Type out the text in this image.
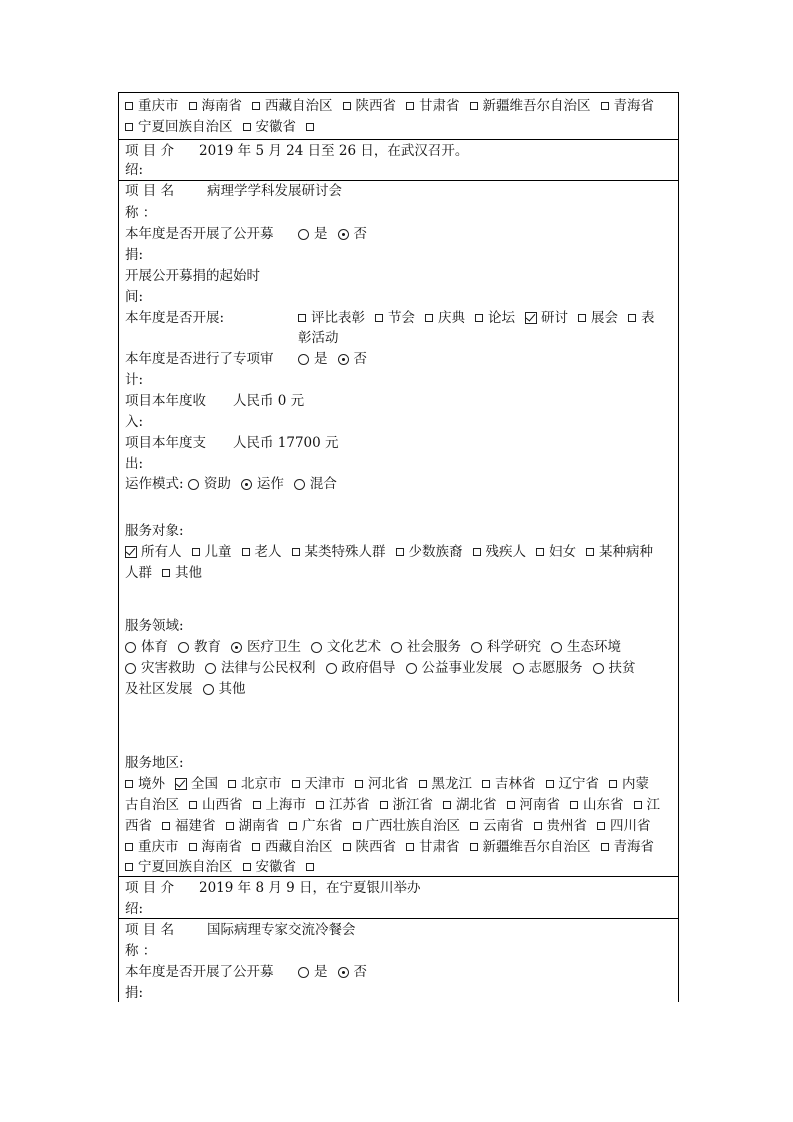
重庆市 海南省 西藏自治区 陕西省 甘肃省 新疆维吾尔自治区 青海省
宁夏回族自治区 安徽省
项 目 介 2019 年 5 月 24 日至 26 日，在武汉召开。
绍:
项 目 名 病理学学科发展研讨会
称 ：
本年度是否开展了公开募	是 否
捐:
开展公开募捐的起始时
间:
本年度是否开展:	评比表彰 节会 庆典 论坛 研讨 展会 表
彰活动
本年度是否进行了专项审	是 否
计:
项目本年度收 人民币 0 元
入:
项目本年度支 人民币 17700 元
出:
运作模式: 资助 运作 混合
服务对象:
所有人 儿童 老人 某类特殊人群 少数族裔 残疾人 妇女 某种病种
人群 其他
服务领域:
体育 教育 医疗卫生 文化艺术 社会服务 科学研究 生态环境
灾害救助 法律与公民权利 政府倡导 公益事业发展 志愿服务 扶贫
及社区发展 其他
服务地区:
境外 全国 北京市 天津市 河北省 黑龙江 吉林省 辽宁省 内蒙
古自治区 山西省 上海市 江苏省 浙江省 湖北省 河南省 山东省 江
西省 福建省 湖南省 广东省 广西壮族自治区 云南省 贵州省 四川省
重庆市 海南省 西藏自治区 陕西省 甘肃省 新疆维吾尔自治区 青海省
宁夏回族自治区 安徽省
项 目 介 2019 年 8 月 9 日，在宁夏银川举办
绍:
项 目 名 国际病理专家交流冷餐会
称 ：
本年度是否开展了公开募	是 否
捐:
